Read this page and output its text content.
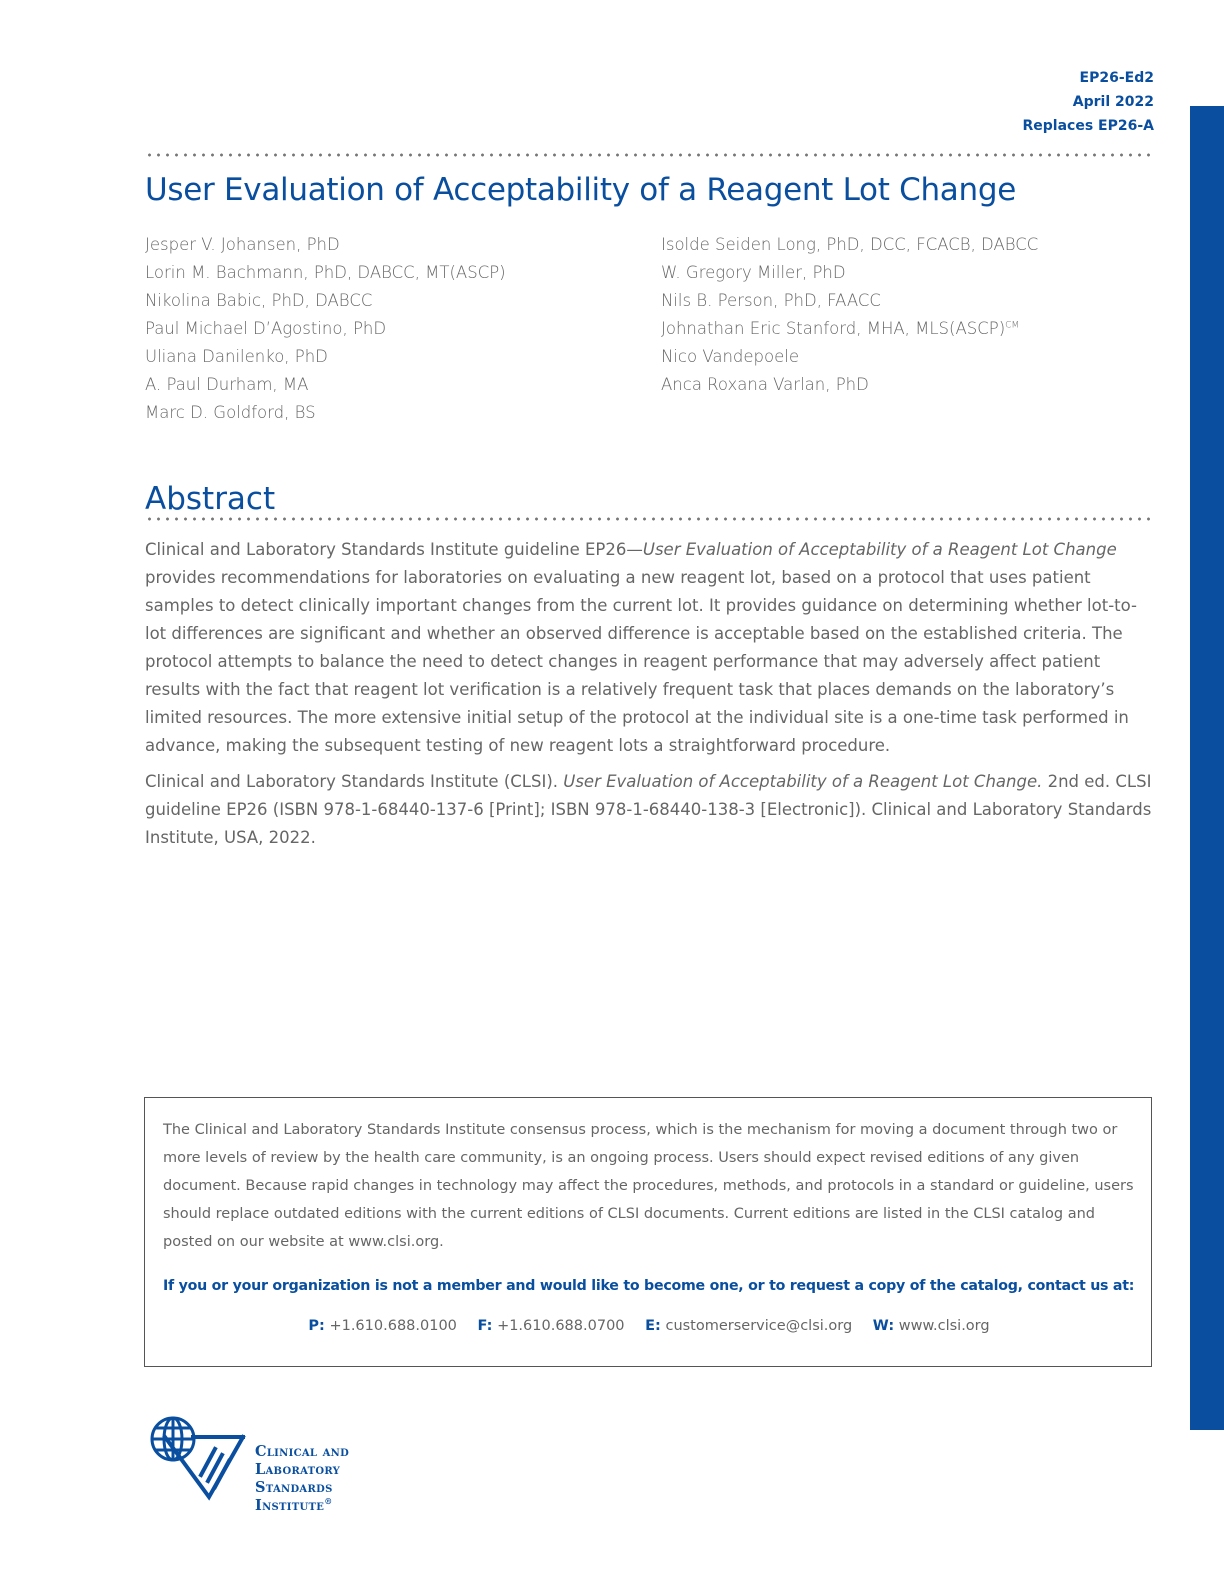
EP26-Ed2
April 2022
Replaces EP26-A
User Evaluation of Acceptability of a Reagent Lot Change
Jesper V. Johansen, PhD
Lorin M. Bachmann, PhD, DABCC, MT(ASCP)
Nikolina Babic, PhD, DABCC
Paul Michael D’Agostino, PhD
Uliana Danilenko, PhD
A. Paul Durham, MA
Marc D. Goldford, BS
Isolde Seiden Long, PhD, DCC, FCACB, DABCC
W. Gregory Miller, PhD
Nils B. Person, PhD, FAACC
Johnathan Eric Stanford, MHA, MLS(ASCP)$^{CM}$
Nico Vandepoele
Anca Roxana Varlan, PhD
Abstract

Clinical and Laboratory Standards Institute guideline EP26—User Evaluation of Acceptability of a Reagent Lot Change provides recommendations for laboratories on evaluating a new reagent lot, based on a protocol that uses patient samples to detect clinically important changes from the current lot. It provides guidance on determining whether lot-to-lot differences are significant and whether an observed difference is acceptable based on the established criteria. The protocol attempts to balance the need to detect changes in reagent performance that may adversely affect patient results with the fact that reagent lot verification is a relatively frequent task that places demands on the laboratory’s limited resources. The more extensive initial setup of the protocol at the individual site is a one-time task performed in advance, making the subsequent testing of new reagent lots a straightforward procedure.

Clinical and Laboratory Standards Institute (CLSI). User Evaluation of Acceptability of a Reagent Lot Change. 2nd ed. CLSI guideline EP26 (ISBN 978-1-68440-137-6 [Print]; ISBN 978-1-68440-138-3 [Electronic]). Clinical and Laboratory Standards Institute, USA, 2022.

The Clinical and Laboratory Standards Institute consensus process, which is the mechanism for moving a document through two or more levels of review by the health care community, is an ongoing process. Users should expect revised editions of any given document. Because rapid changes in technology may affect the procedures, methods, and protocols in a standard or guideline, users should replace outdated editions with the current editions of CLSI documents. Current editions are listed in the CLSI catalog and posted on our website at www.clsi.org.
If you or your organization is not a member and would like to become one, or to request a copy of the catalog, contact us at:
P: +1.610.688.0100 F: +1.610.688.0700 E: customerservice@clsi.org W: www.clsi.org
Clinical and
Laboratory
Standards
Institute®
